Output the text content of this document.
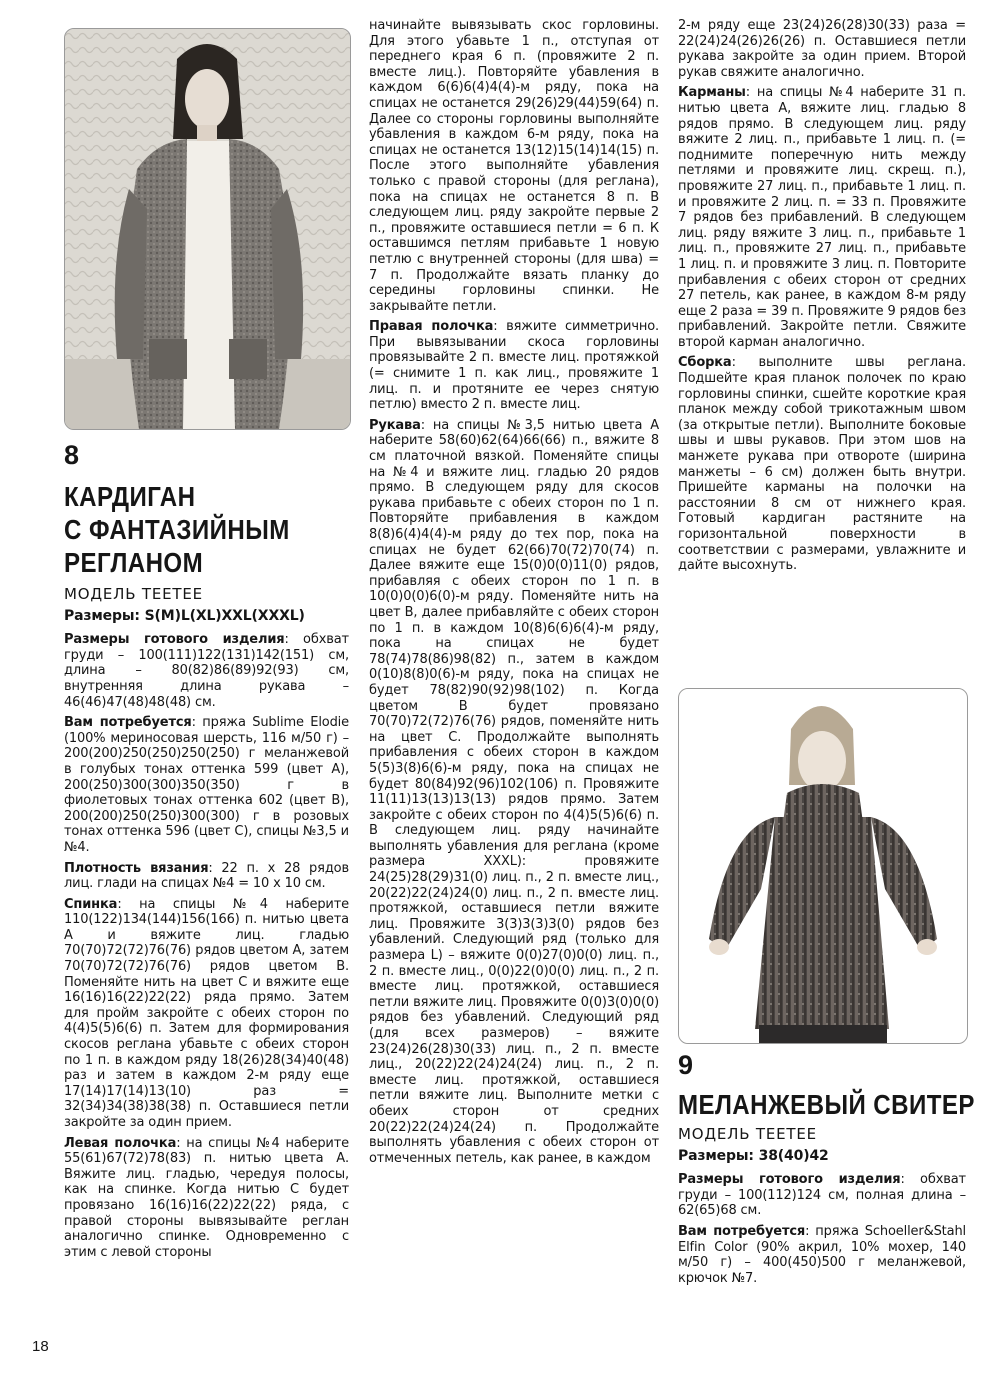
8
КАРДИГАН
С ФАНТАЗИЙНЫМ
РЕГЛАНОМ
МОДЕЛЬ TEETEE

Размеры: S(M)L(XL)XXL(XXXL)

Размеры готового изделия: обхват груди – 100(111)122(131)142(151) см, длина – 80(82)86(89)92(93) см, внутренняя длина рукава – 46(46)47(48)48(48) см.

Вам потребуется: пряжа Sublime Elodie (100% мериносовая шерсть, 116 м/50 г) – 200(200)250(250)250(250) г меланжевой в голубых тонах оттенка 599 (цвет А), 200(250)300(300)350(350) г в фиолетовых тонах оттенка 602 (цвет В), 200(200)250(250)300(300) г в розовых тонах оттенка 596 (цвет С), спицы №3,5 и №4.

Плотность вязания: 22 п. х 28 рядов лиц. глади на спицах №4 = 10 х 10 см.

Спинка: на спицы №4 наберите 110(122)134(144)156(166) п. нитью цвета А и вяжите лиц. гладью 70(70)72(72)76(76) рядов цветом А, затем 70(70)72(72)76(76) рядов цветом В. Поменяйте нить на цвет С и вяжите еще 16(16)16(22)22(22) ряда прямо. Затем для пройм закройте с обеих сторон по 4(4)5(5)6(6) п. Затем для формирования скосов реглана убавьте с обеих сторон по 1 п. в каждом ряду 18(26)28(34)40(48) раз и затем в каждом 2-м ряду еще 17(14)17(14)13(10) раз = 32(34)34(38)38(38) п. Оставшиеся петли закройте за один прием.

Левая полочка: на спицы №4 наберите 55(61)67(72)78(83) п. нитью цвета А. Вяжите лиц. гладью, чередуя полосы, как на спинке. Когда нитью С будет провязано 16(16)16(22)22(22) ряда, с правой стороны вывязывайте реглан аналогично спинке. Одновременно с этим с левой стороны

начинайте вывязывать скос горловины. Для этого убавьте 1 п., отступая от переднего края 6 п. (провяжите 2 п. вместе лиц.). Повторяйте убавления в каждом 6(6)6(4)4(4)-м ряду, пока на спицах не останется 29(26)29(44)59(64) п. Далее со стороны горловины выполняйте убавления в каждом 6-м ряду, пока на спицах не останется 13(12)15(14)14(15) п. После этого выполняйте убавления только с правой стороны (для реглана), пока на спицах не останется 8 п. В следующем лиц. ряду закройте первые 2 п., провяжите оставшиеся петли = 6 п. К оставшимся петлям прибавьте 1 новую петлю с внутренней стороны (для шва) = 7 п. Продолжайте вязать планку до середины горловины спинки. Не закрывайте петли.

Правая полочка: вяжите симметрично. При вывязывании скоса горловины провязывайте 2 п. вместе лиц. протяжкой (= снимите 1 п. как лиц., провяжите 1 лиц. п. и протяните ее через снятую петлю) вместо 2 п. вместе лиц.

Рукава: на спицы №3,5 нитью цвета А наберите 58(60)62(64)66(66) п., вяжите 8 см платочной вязкой. Поменяйте спицы на №4 и вяжите лиц. гладью 20 рядов прямо. В следующем ряду для скосов рукава прибавьте с обеих сторон по 1 п. Повторяйте прибавления в каждом 8(8)6(4)4(4)-м ряду до тех пор, пока на спицах не будет 62(66)70(72)70(74) п. Далее вяжите еще 15(0)0(0)11(0) рядов, прибавляя с обеих сторон по 1 п. в 10(0)0(0)6(0)-м ряду. Поменяйте нить на цвет В, далее прибавляйте с обеих сторон по 1 п. в каждом 10(8)6(6)6(4)-м ряду, пока на спицах не будет 78(74)78(86)98(82) п., затем в каждом 0(10)8(8)0(6)-м ряду, пока на спицах не будет 78(82)90(92)98(102) п. Когда цветом В будет провязано 70(70)72(72)76(76) рядов, поменяйте нить на цвет С. Продолжайте выполнять прибавления с обеих сторон в каждом 5(5)3(8)6(6)-м ряду, пока на спицах не будет 80(84)92(96)102(106) п. Провяжите 11(11)13(13)13(13) рядов прямо. Затем закройте с обеих сторон по 4(4)5(5)6(6) п. В следующем лиц. ряду начинайте выполнять убавления для реглана (кроме размера XXXL): провяжите 24(25)28(29)31(0) лиц. п., 2 п. вместе лиц., 20(22)22(24)24(0) лиц. п., 2 п. вместе лиц. протяжкой, оставшиеся петли вяжите лиц. Провяжите 3(3)3(3)3(0) рядов без убавлений. Следующий ряд (только для размера L) – вяжите 0(0)27(0)0(0) лиц. п., 2 п. вместе лиц., 0(0)22(0)0(0) лиц. п., 2 п. вместе лиц. протяжкой, оставшиеся петли вяжите лиц. Провяжите 0(0)3(0)0(0) рядов без убавлений. Следующий ряд (для всех размеров) – вяжите 23(24)26(28)30(33) лиц. п., 2 п. вместе лиц., 20(22)22(24)24(24) лиц. п., 2 п. вместе лиц. протяжкой, оставшиеся петли вяжите лиц. Выполните метки с обеих сторон от средних 20(22)22(24)24(24) п. Продолжайте выполнять убавления с обеих сторон от отмеченных петель, как ранее, в каждом

2-м ряду еще 23(24)26(28)30(33) раза = 22(24)24(26)26(26) п. Оставшиеся петли рукава закройте за один прием. Второй рукав свяжите аналогично.

Карманы: на спицы №4 наберите 31 п. нитью цвета А, вяжите лиц. гладью 8 рядов прямо. В следующем лиц. ряду вяжите 2 лиц. п., прибавьте 1 лиц. п. (= поднимите поперечную нить между петлями и провяжите лиц. скрещ. п.), провяжите 27 лиц. п., прибавьте 1 лиц. п. и провяжите 2 лиц. п. = 33 п. Провяжите 7 рядов без прибавлений. В следующем лиц. ряду вяжите 3 лиц. п., прибавьте 1 лиц. п., провяжите 27 лиц. п., прибавьте 1 лиц. п. и провяжите 3 лиц. п. Повторите прибавления с обеих сторон от средних 27 петель, как ранее, в каждом 8-м ряду еще 2 раза = 39 п. Провяжите 9 рядов без прибавлений. Закройте петли. Свяжите второй карман аналогично.

Сборка: выполните швы реглана. Подшейте края планок полочек по краю горловины спинки, сшейте короткие края планок между собой трикотажным швом (за открытые петли). Выполните боковые швы и швы рукавов. При этом шов на манжете рукава при отвороте (ширина манжеты – 6 см) должен быть внутри. Пришейте карманы на полочки на расстоянии 8 см от нижнего края. Готовый кардиган растяните на горизонтальной поверхности в соответствии с размерами, увлажните и дайте высохнуть.

9
МЕЛАНЖЕВЫЙ СВИТЕР
МОДЕЛЬ TEETEE

Размеры: 38(40)42

Размеры готового изделия: обхват груди – 100(112)124 см, полная длина – 62(65)68 см.

Вам потребуется: пряжа Schoeller&Stahl Elfin Color (90% акрил, 10% мохер, 140 м/50 г) – 400(450)500 г меланжевой, крючок №7.

18
